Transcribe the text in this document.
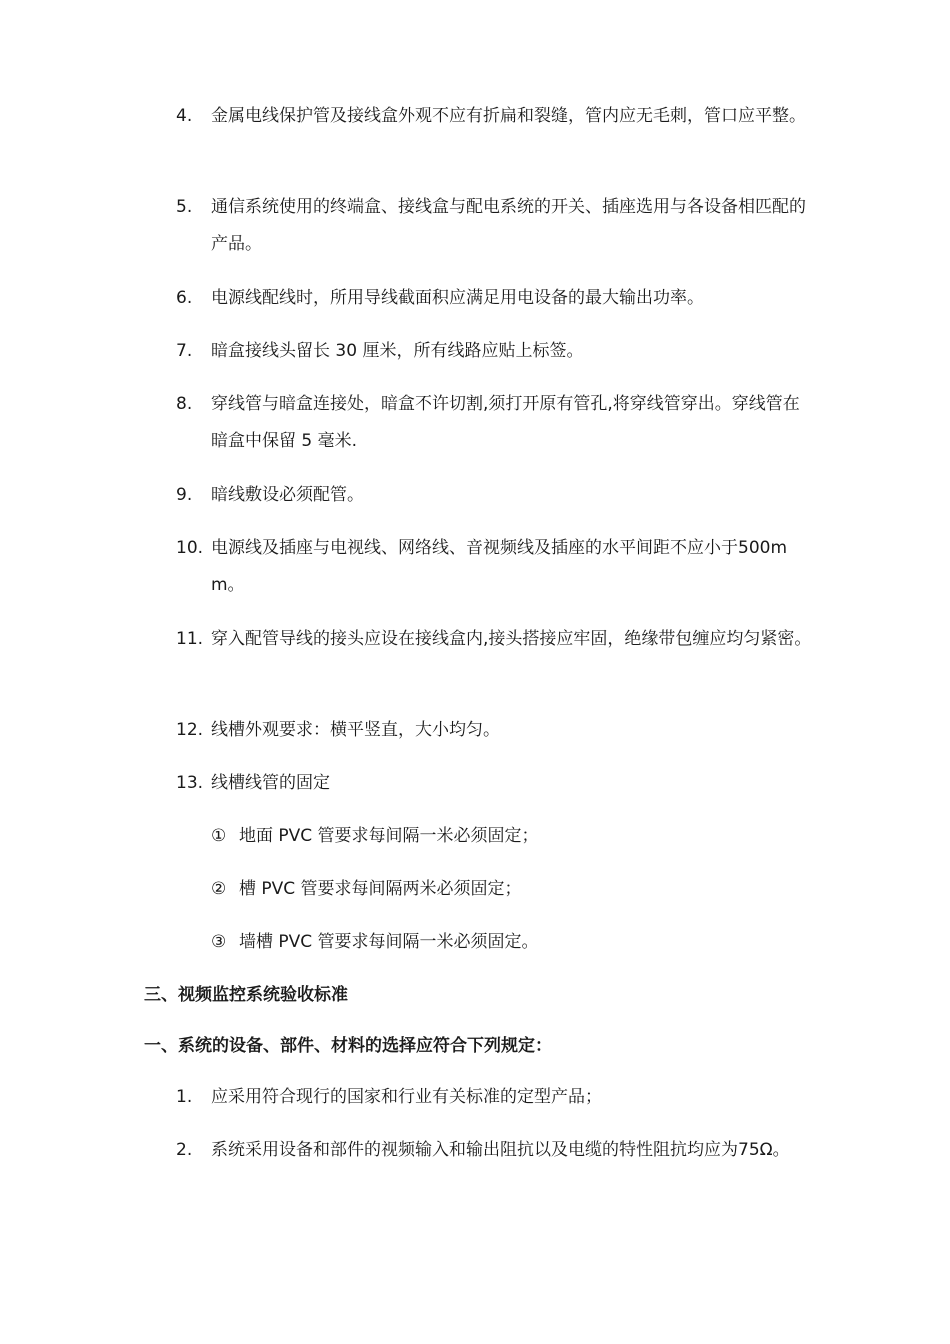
4.	金属电线保护管及接线盒外观不应有折扁和裂缝，管内应无毛刺，管口应平整。
5.	通信系统使用的终端盒、接线盒与配电系统的开关、插座选用与各设备相匹配的产品。
6.	电源线配线时，所用导线截面积应满足用电设备的最大输出功率。
7.	暗盒接线头留长 30 厘米，所有线路应贴上标签。
8.	穿线管与暗盒连接处，暗盒不许切割,须打开原有管孔,将穿线管穿出。穿线管在暗盒中保留 5 毫米.
9.	暗线敷设必须配管。
10. 电源线及插座与电视线、网络线、音视频线及插座的水平间距不应小于500mm。
11. 穿入配管导线的接头应设在接线盒内,接头搭接应牢固，绝缘带包缠应均匀紧密。
12. 线槽外观要求：横平竖直，大小均匀。
13. 线槽线管的固定
① 地面 PVC 管要求每间隔一米必须固定；
② 槽 PVC 管要求每间隔两米必须固定；
③ 墙槽 PVC 管要求每间隔一米必须固定。
三、视频监控系统验收标准
一、系统的设备、部件、材料的选择应符合下列规定：
1.	应采用符合现行的国家和行业有关标准的定型产品；
2.	系统采用设备和部件的视频输入和输出阻抗以及电缆的特性阻抗均应为75Ω。
